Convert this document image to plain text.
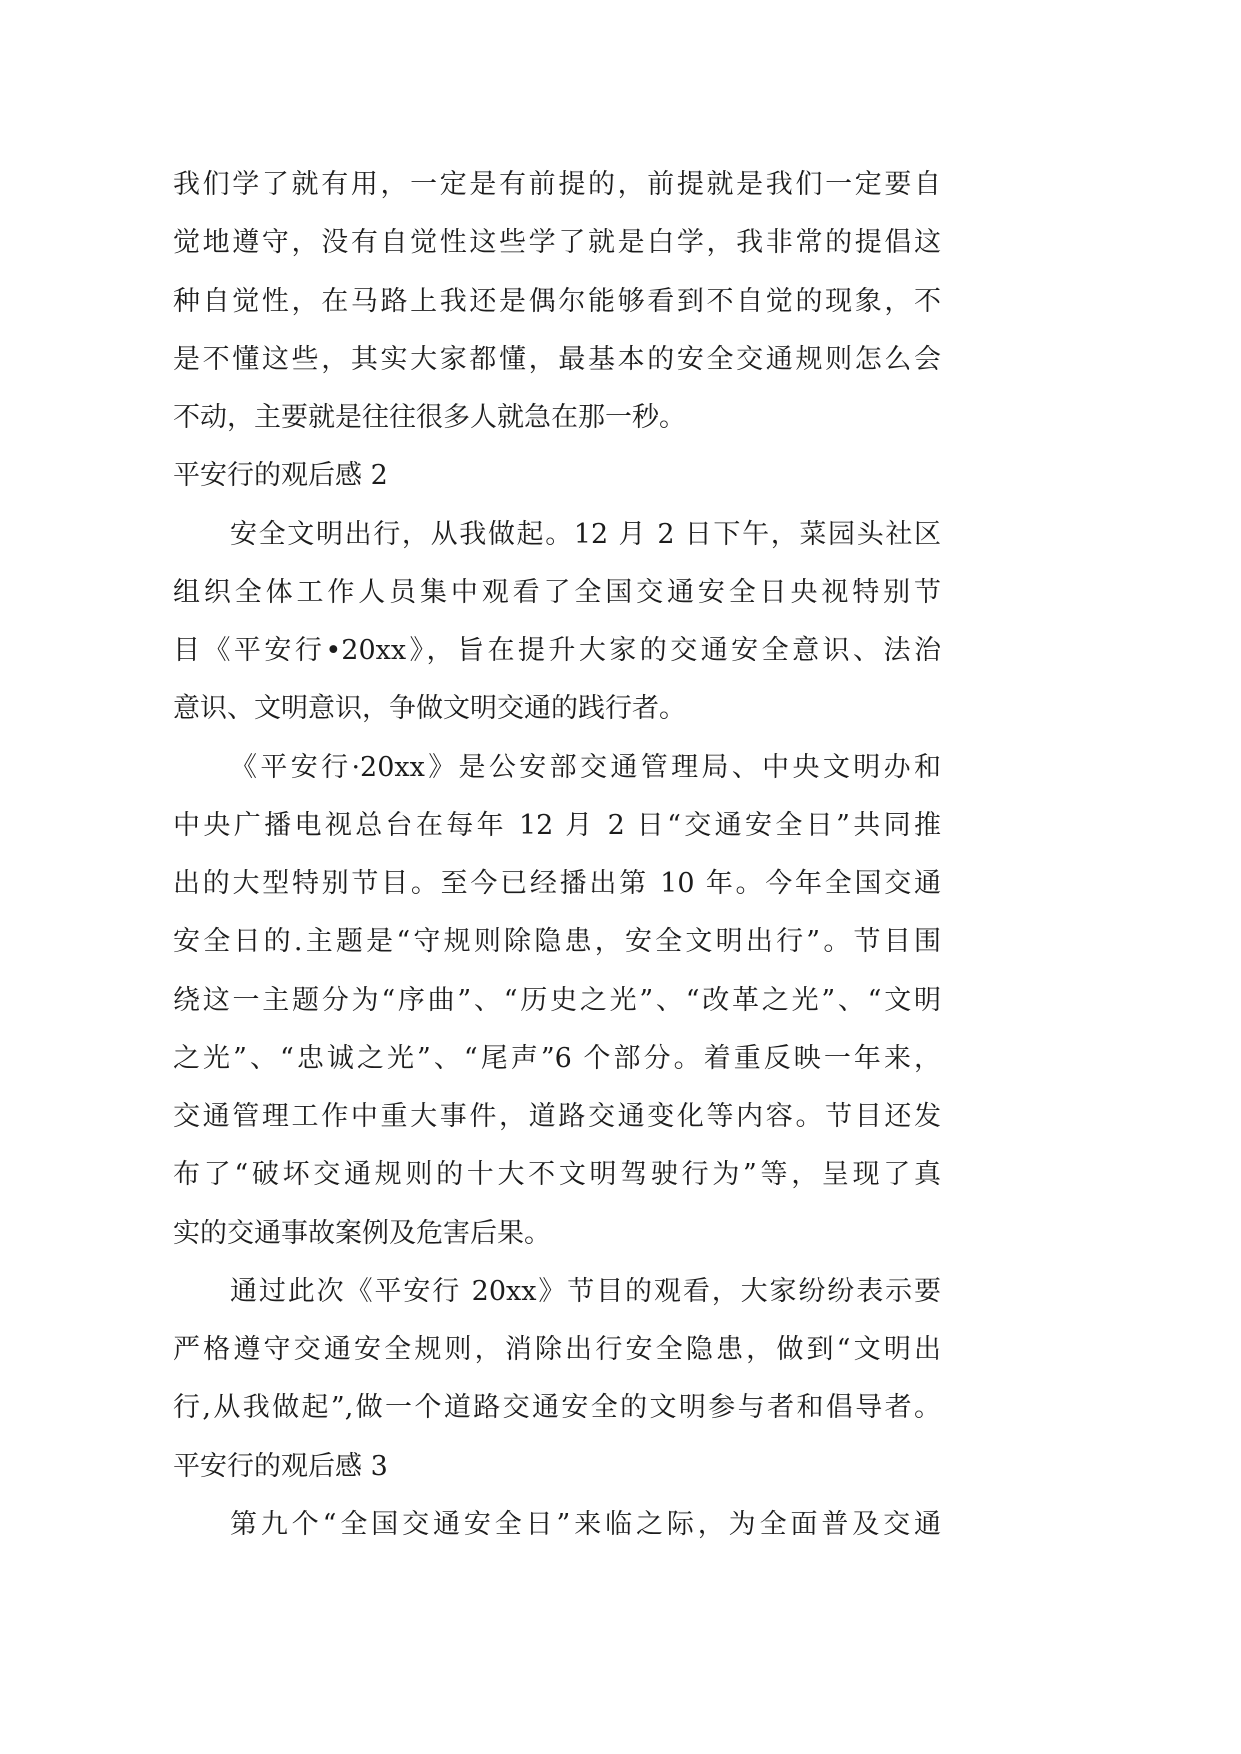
我们学了就有用，一定是有前提的，前提就是我们一定要自
觉地遵守，没有自觉性这些学了就是白学，我非常的提倡这
种自觉性，在马路上我还是偶尔能够看到不自觉的现象，不
是不懂这些，其实大家都懂，最基本的安全交通规则怎么会
不动，主要就是往往很多人就急在那一秒。
平安行的观后感 2
安全文明出行，从我做起。12 月 2 日下午，菜园头社区
组织全体工作人员集中观看了全国交通安全日央视特别节
目《平安行•20xx》，旨在提升大家的交通安全意识、法治
意识、文明意识，争做文明交通的践行者。
《平安行·20xx》是公安部交通管理局、中央文明办和
中央广播电视总台在每年 12 月 2 日“交通安全日”共同推
出的大型特别节目。至今已经播出第 10 年。今年全国交通
安全日的.主题是“守规则除隐患，安全文明出行”。节目围
绕这一主题分为“序曲”、“历史之光”、“改革之光”、“文明
之光”、“忠诚之光”、“尾声”6 个部分。着重反映一年来，
交通管理工作中重大事件，道路交通变化等内容。节目还发
布了“破坏交通规则的十大不文明驾驶行为”等，呈现了真
实的交通事故案例及危害后果。
通过此次《平安行 20xx》节目的观看，大家纷纷表示要
严格遵守交通安全规则，消除出行安全隐患，做到“文明出
行,从我做起”,做一个道路交通安全的文明参与者和倡导者。
平安行的观后感 3
第九个“全国交通安全日”来临之际，为全面普及交通
